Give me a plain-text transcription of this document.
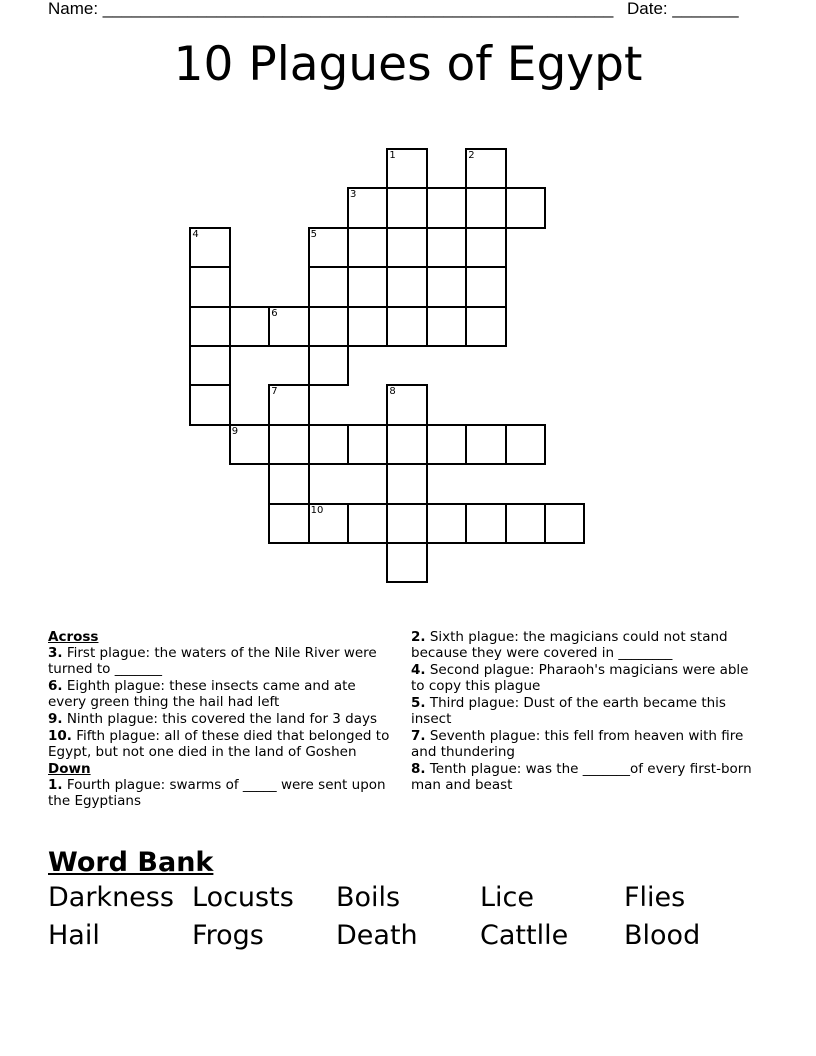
Name: ______________________________________________________ Date: _______
10 Plagues of Egypt
1	2
3
4	5
6
7	8
9
10
Across
3. First plague: the waters of the Nile River were turned to _______
6. Eighth plague: these insects came and ate every green thing the hail had left
9. Ninth plague: this covered the land for 3 days
10. Fifth plague: all of these died that belonged to Egypt, but not one died in the land of Goshen
Down
1. Fourth plague: swarms of _____ were sent upon the Egyptians
2. Sixth plague: the magicians could not stand because they were covered in ________
4. Second plague: Pharaoh's magicians were able to copy this plague
5. Third plague: Dust of the earth became this insect
7. Seventh plague: this fell from heaven with fire and thundering
8. Tenth plague: was the _______of every first-born man and beast
Word Bank
Darkness Locusts	Boils	Lice	Flies
Hail	Frogs	Death	Cattlle	Blood
